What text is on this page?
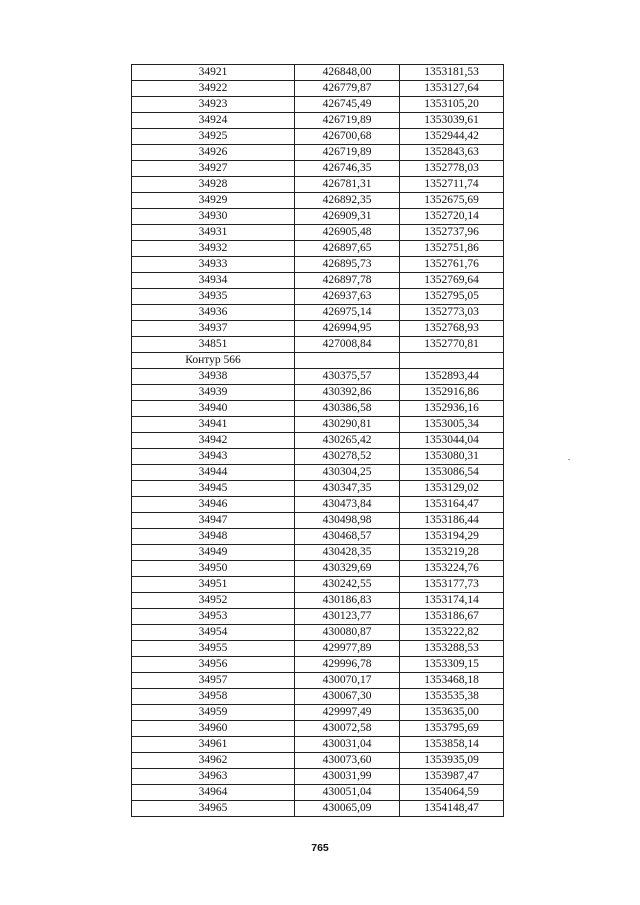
34921	426848,00	1353181,53
34922	426779,87	1353127,64
34923	426745,49	1353105,20
34924	426719,89	1353039,61
34925	426700,68	1352944,42
34926	426719,89	1352843,63
34927	426746,35	1352778,03
34928	426781,31	1352711,74
34929	426892,35	1352675,69
34930	426909,31	1352720,14
34931	426905,48	1352737,96
34932	426897,65	1352751,86
34933	426895,73	1352761,76
34934	426897,78	1352769,64
34935	426937,63	1352795,05
34936	426975,14	1352773,03
34937	426994,95	1352768,93
34851	427008,84	1352770,81
Контур 566		
34938	430375,57	1352893,44
34939	430392,86	1352916,86
34940	430386,58	1352936,16
34941	430290,81	1353005,34
34942	430265,42	1353044,04
34943	430278,52	1353080,31
34944	430304,25	1353086,54
34945	430347,35	1353129,02
34946	430473,84	1353164,47
34947	430498,98	1353186,44
34948	430468,57	1353194,29
34949	430428,35	1353219,28
34950	430329,69	1353224,76
34951	430242,55	1353177,73
34952	430186,83	1353174,14
34953	430123,77	1353186,67
34954	430080,87	1353222,82
34955	429977,89	1353288,53
34956	429996,78	1353309,15
34957	430070,17	1353468,18
34958	430067,30	1353535,38
34959	429997,49	1353635,00
34960	430072,58	1353795,69
34961	430031,04	1353858,14
34962	430073,60	1353935,09
34963	430031,99	1353987,47
34964	430051,04	1354064,59
34965	430065,09	1354148,47
765
